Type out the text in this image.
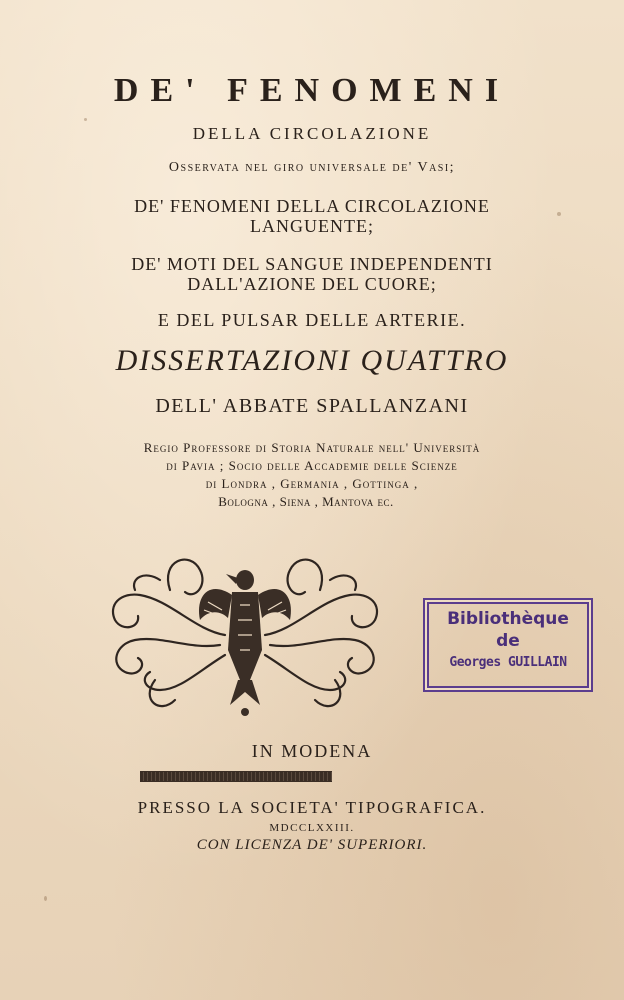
DE' FENOMENI
DELLA CIRCOLAZIONE
Osservata nel giro universale de' Vasi;
DE' FENOMENI DELLA CIRCOLAZIONE
LANGUENTE;
DE' MOTI DEL SANGUE INDEPENDENTI
DALL'AZIONE DEL CUORE;
E DEL PULSAR DELLE ARTERIE.
DISSERTAZIONI QUATTRO
DELL' ABBATE SPALLANZANI
Regio Professore di Storia Naturale nell' Università
di Pavia ; Socio delle Accademie delle Scienze
di Londra , Germania , Gottinga ,
Bologna , Siena , Mantova ec.
Bibliothèque
de
Georges GUILLAIN
IN MODENA
PRESSO LA SOCIETA' TIPOGRAFICA.
MDCCLXXIII.
CON LICENZA DE' SUPERIORI.
